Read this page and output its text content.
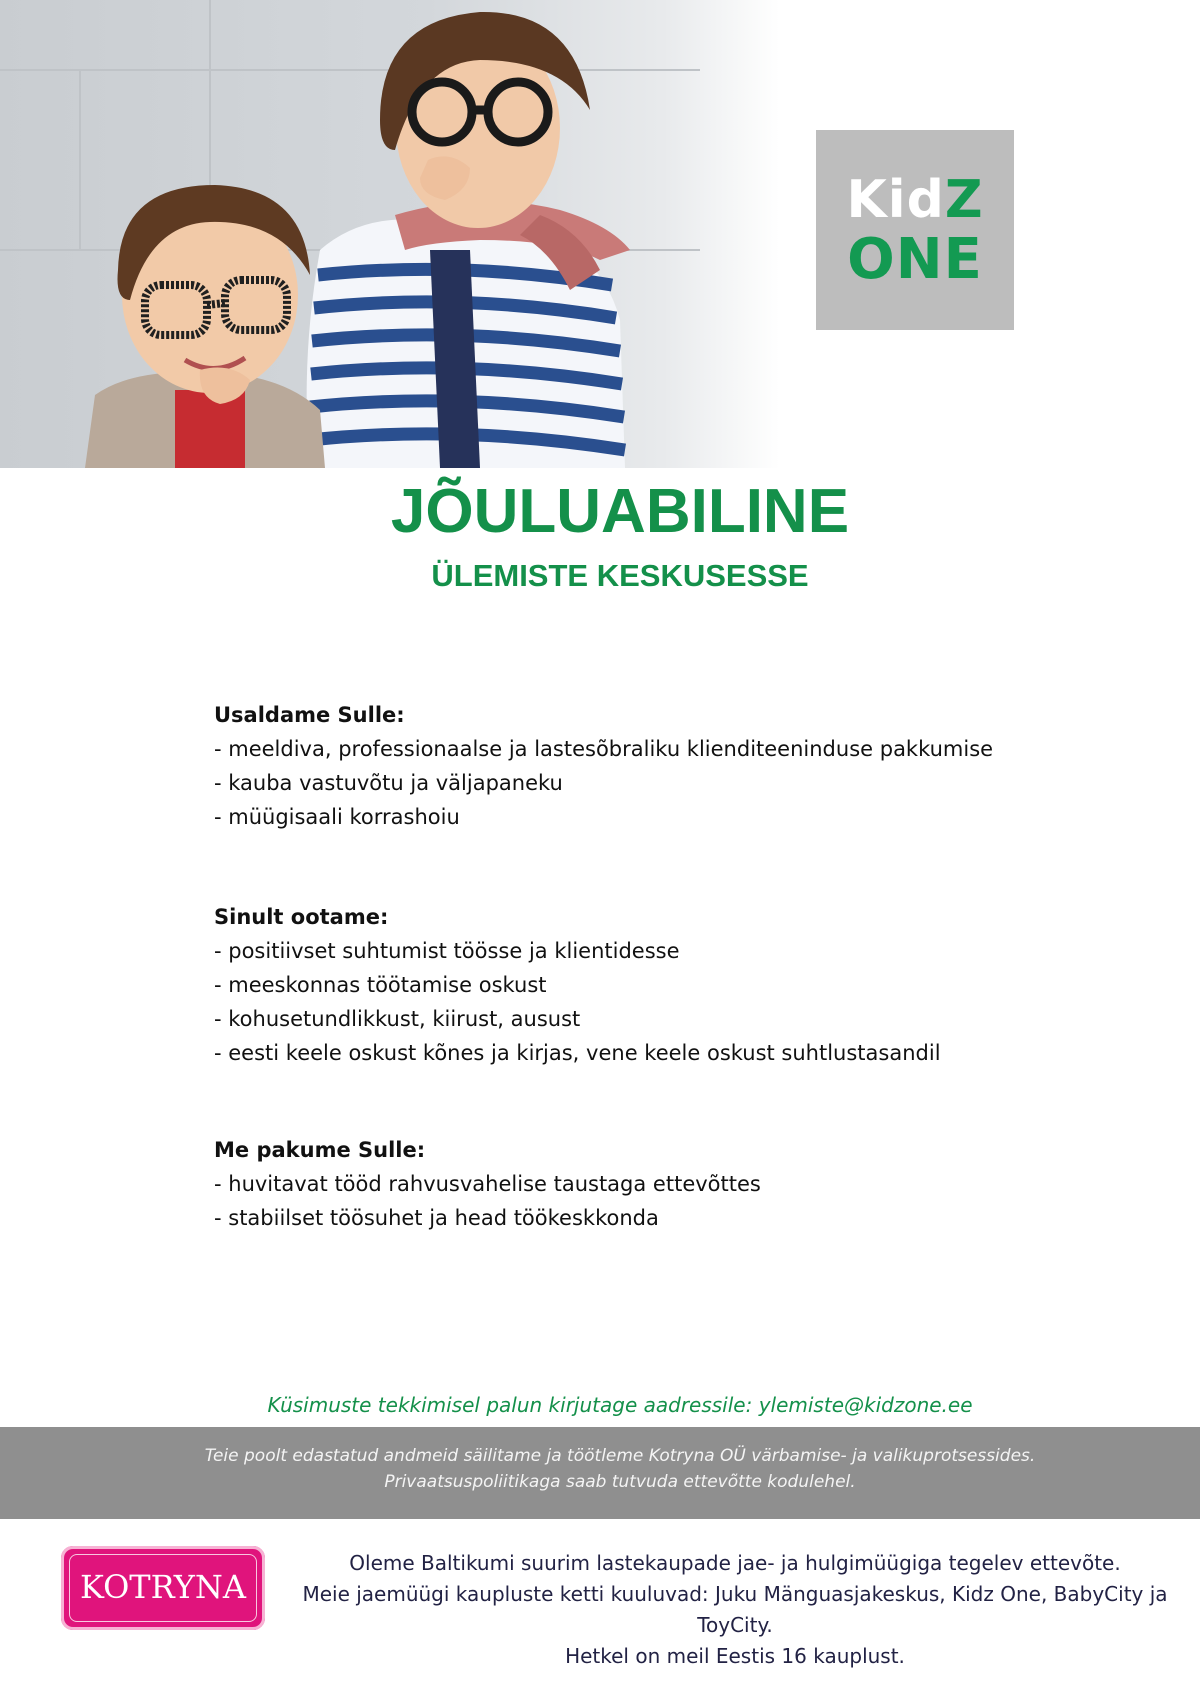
KidZ
ONE
JÕULUABILINE
ÜLEMISTE KESKUSESSE
Usaldame Sulle:
- meeldiva, professionaalse ja lastesõbraliku klienditeeninduse pakkumise
- kauba vastuvõtu ja väljapaneku
- müügisaali korrashoiu
Sinult ootame:
- positiivset suhtumist töösse ja klientidesse
- meeskonnas töötamise oskust
- kohusetundlikkust, kiirust, ausust
- eesti keele oskust kõnes ja kirjas, vene keele oskust suhtlustasandil
Me pakume Sulle:
- huvitavat tööd rahvusvahelise taustaga ettevõttes
- stabiilset töösuhet ja head töökeskkonda
Küsimuste tekkimisel palun kirjutage aadressile: ylemiste@kidzone.ee
Teie poolt edastatud andmeid säilitame ja töötleme Kotryna OÜ värbamise- ja valikuprotsessides.
Privaatsuspoliitikaga saab tutvuda ettevõtte kodulehel.
KOTRYNA
Oleme Baltikumi suurim lastekaupade jae- ja hulgimüügiga tegelev ettevõte.
Meie jaemüügi kaupluste ketti kuuluvad: Juku Mänguasjakeskus, Kidz One, BabyCity ja ToyCity.
Hetkel on meil Eestis 16 kauplust.
